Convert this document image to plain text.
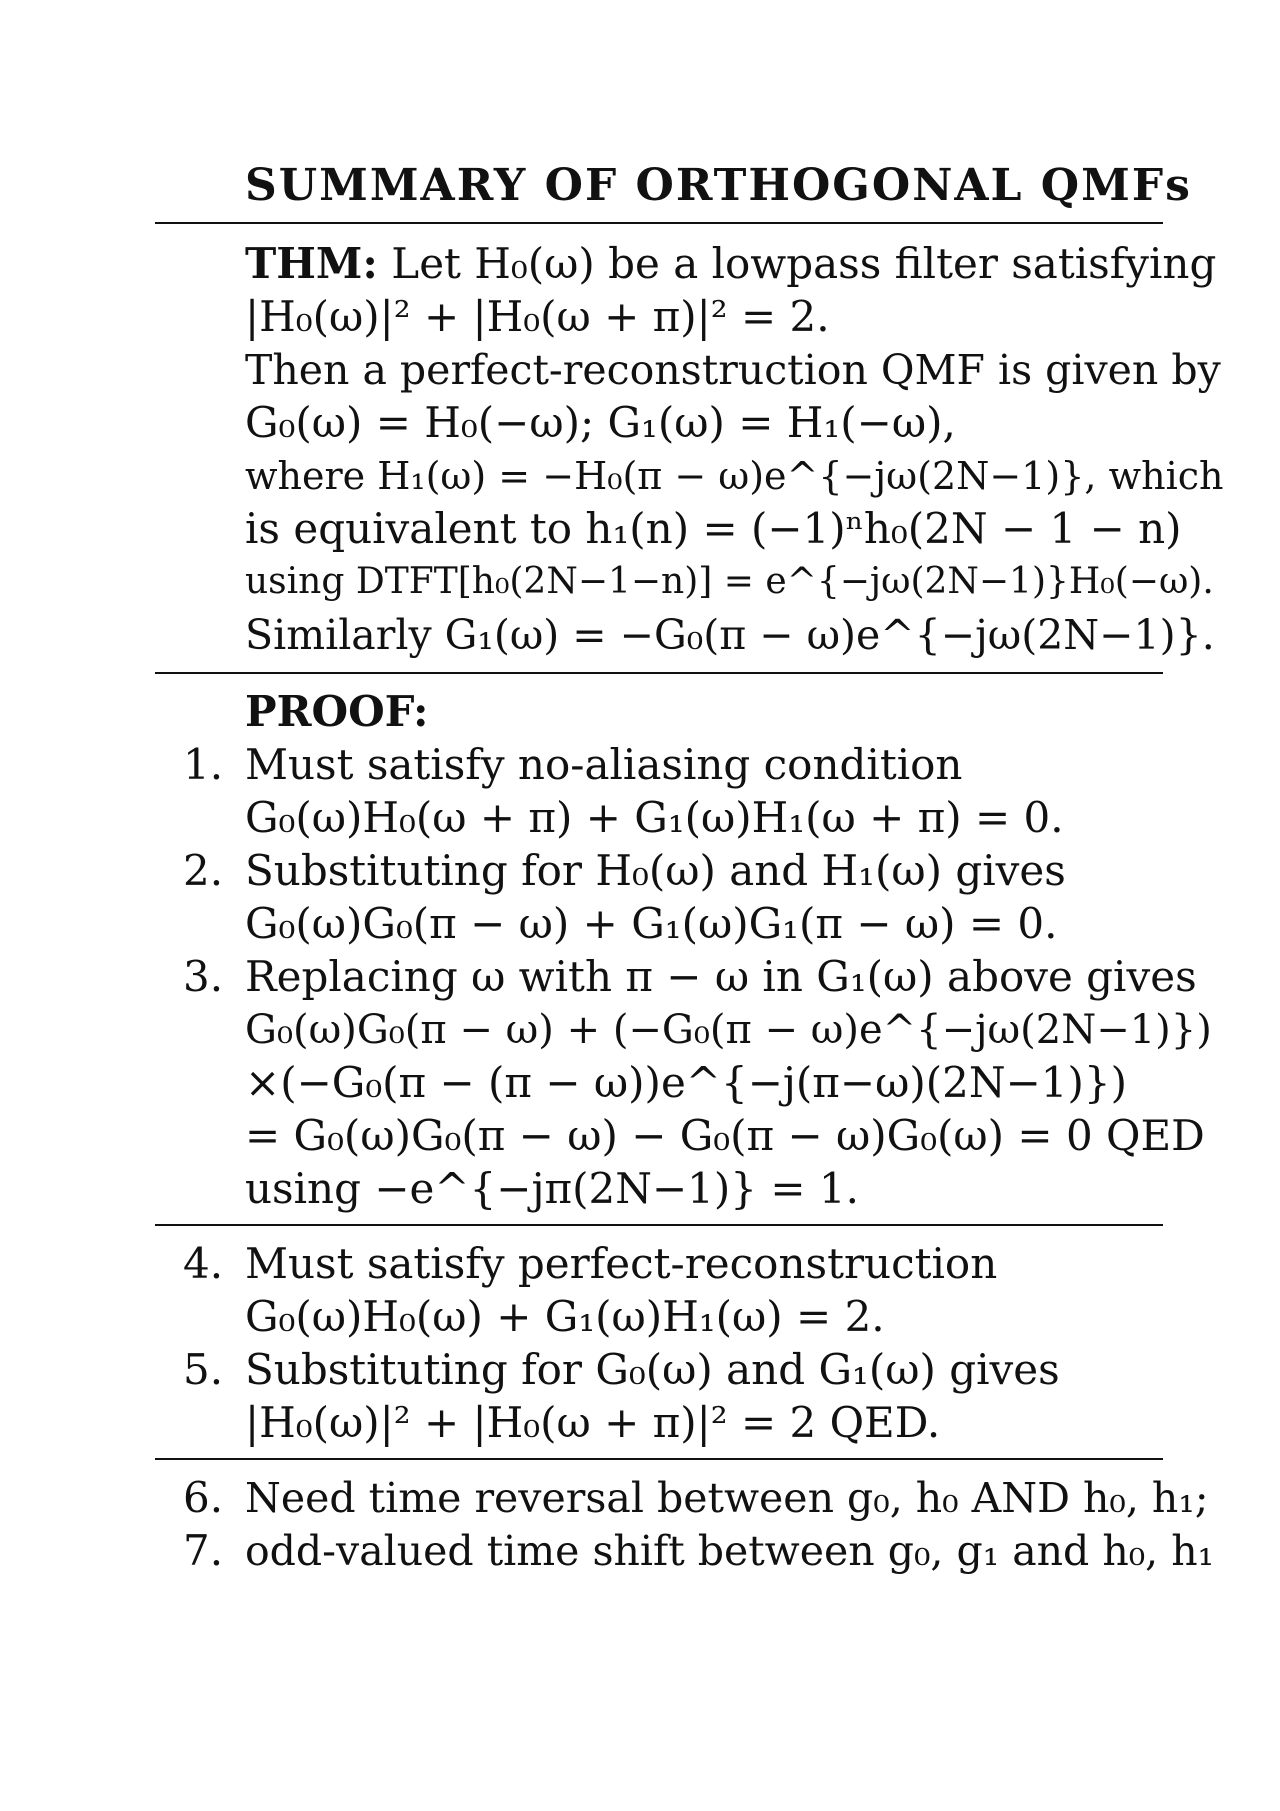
SUMMARY OF ORTHOGONAL QMFs
THM: Let H₀(ω) be a lowpass filter satisfying
|H₀(ω)|² + |H₀(ω + π)|² = 2.
Then a perfect-reconstruction QMF is given by
G₀(ω) = H₀(−ω); G₁(ω) = H₁(−ω),
where H₁(ω) = −H₀(π − ω)e^{−jω(2N−1)}, which
is equivalent to h₁(n) = (−1)ⁿh₀(2N − 1 − n)
using DTFT[h₀(2N−1−n)] = e^{−jω(2N−1)}H₀(−ω).
Similarly G₁(ω) = −G₀(π − ω)e^{−jω(2N−1)}.
PROOF:
1. Must satisfy no-aliasing condition
G₀(ω)H₀(ω + π) + G₁(ω)H₁(ω + π) = 0.
2. Substituting for H₀(ω) and H₁(ω) gives
G₀(ω)G₀(π − ω) + G₁(ω)G₁(π − ω) = 0.
3. Replacing ω with π − ω in G₁(ω) above gives
G₀(ω)G₀(π − ω) + (−G₀(π − ω)e^{−jω(2N−1)})
×(−G₀(π − (π − ω))e^{−j(π−ω)(2N−1)})
= G₀(ω)G₀(π − ω) − G₀(π − ω)G₀(ω) = 0 QED
using −e^{−jπ(2N−1)} = 1.
4. Must satisfy perfect-reconstruction
G₀(ω)H₀(ω) + G₁(ω)H₁(ω) = 2.
5. Substituting for G₀(ω) and G₁(ω) gives
|H₀(ω)|² + |H₀(ω + π)|² = 2 QED.
6. Need time reversal between g₀, h₀ AND h₀, h₁;
7. odd-valued time shift between g₀, g₁ and h₀, h₁
